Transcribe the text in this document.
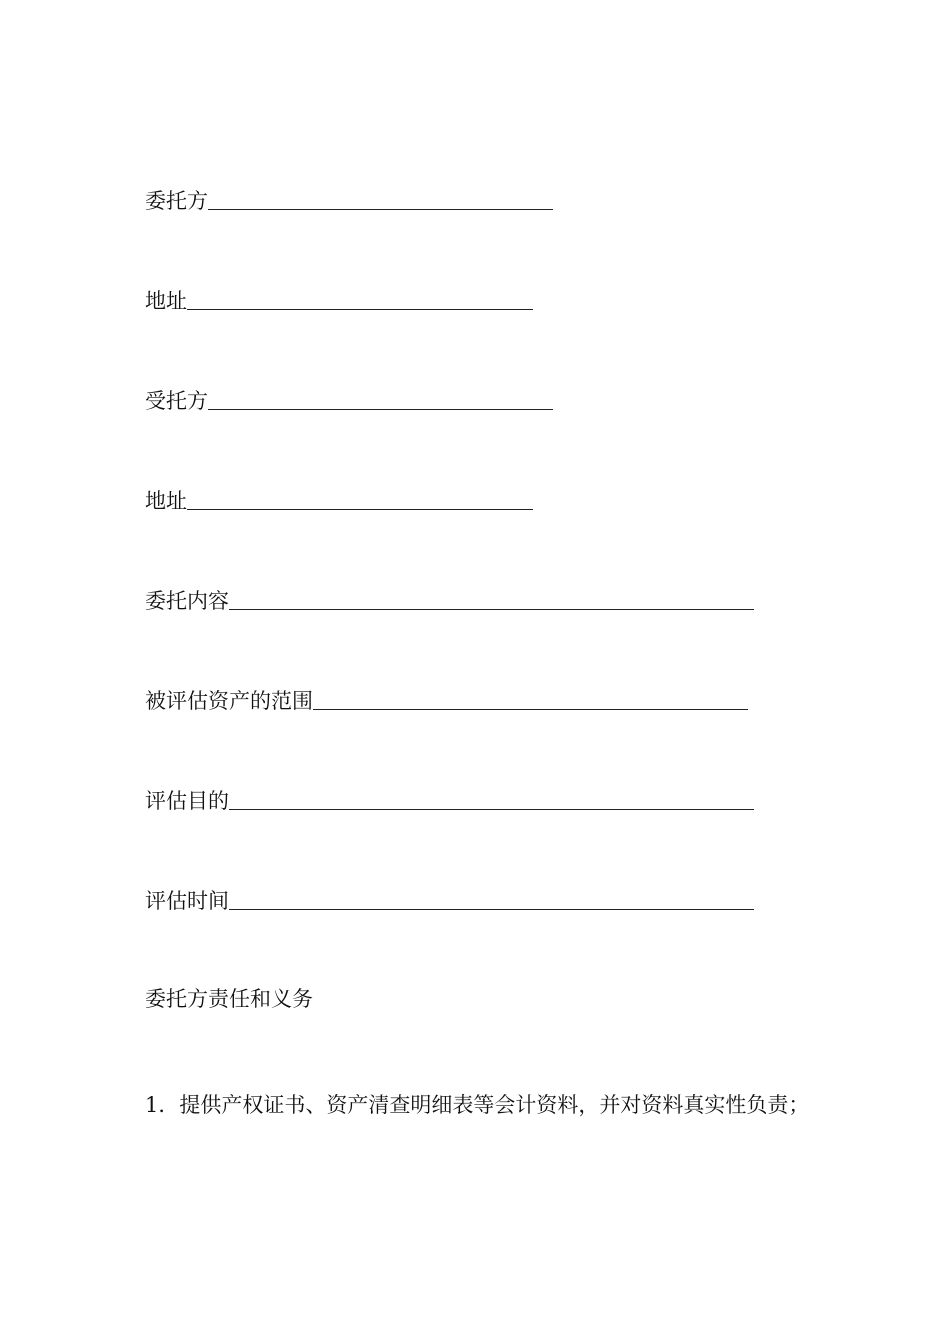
委托方
地址
受托方
地址
委托内容
被评估资产的范围
评估目的
评估时间
委托方责任和义务
1．提供产权证书、资产清查明细表等会计资料，并对资料真实性负责；
